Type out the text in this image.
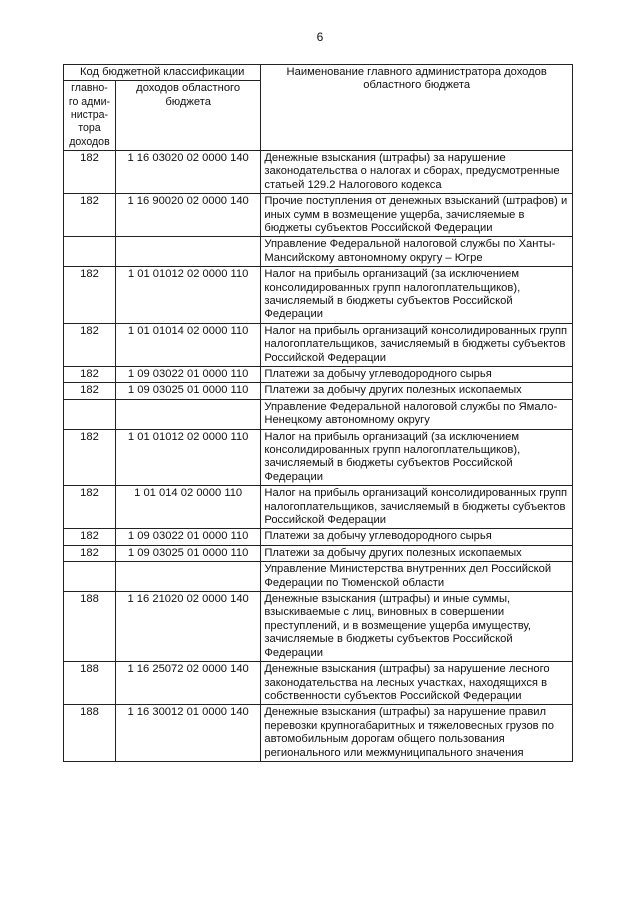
6
Код бюджетной классификации		Наименование главного администратора доходов областного бюджета
главно-го адми-нистра-тора доходов	доходов областного бюджета	
182	1 16 03020 02 0000 140	Денежные взыскания (штрафы) за нарушение законодательства о налогах и сборах, предусмотренные статьей 129.2 Налогового кодекса
182	1 16 90020 02 0000 140	Прочие поступления от денежных взысканий (штрафов) и иных сумм в возмещение ущерба, зачисляемые в бюджеты субъектов Российской Федерации
		Управление Федеральной налоговой службы по Ханты-Мансийскому автономному округу – Югре
182	1 01 01012 02 0000 110	Налог на прибыль организаций (за исключением консолидированных групп налогоплательщиков), зачисляемый в бюджеты субъектов Российской Федерации
182	1 01 01014 02 0000 110	Налог на прибыль организаций консолидированных групп налогоплательщиков, зачисляемый в бюджеты субъектов Российской Федерации
182	1 09 03022 01 0000 110	Платежи за добычу углеводородного сырья
182	1 09 03025 01 0000 110	Платежи за добычу других полезных ископаемых
		Управление Федеральной налоговой службы по Ямало-Ненецкому автономному округу
182	1 01 01012 02 0000 110	Налог на прибыль организаций (за исключением консолидированных групп налогоплательщиков), зачисляемый в бюджеты субъектов Российской Федерации
182	1 01 014 02 0000 110	Налог на прибыль организаций консолидированных групп налогоплательщиков, зачисляемый в бюджеты субъектов Российской Федерации
182	1 09 03022 01 0000 110	Платежи за добычу углеводородного сырья
182	1 09 03025 01 0000 110	Платежи за добычу других полезных ископаемых
		Управление Министерства внутренних дел Российской Федерации по Тюменской области
188	1 16 21020 02 0000 140	Денежные взыскания (штрафы) и иные суммы, взыскиваемые с лиц, виновных в совершении преступлений, и в возмещение ущерба имуществу, зачисляемые в бюджеты субъектов Российской Федерации
188	1 16 25072 02 0000 140	Денежные взыскания (штрафы) за нарушение лесного законодательства на лесных участках, находящихся в собственности субъектов Российской Федерации
188	1 16 30012 01 0000 140	Денежные взыскания (штрафы) за нарушение правил перевозки крупногабаритных и тяжеловесных грузов по автомобильным дорогам общего пользования регионального или межмуниципального значения
